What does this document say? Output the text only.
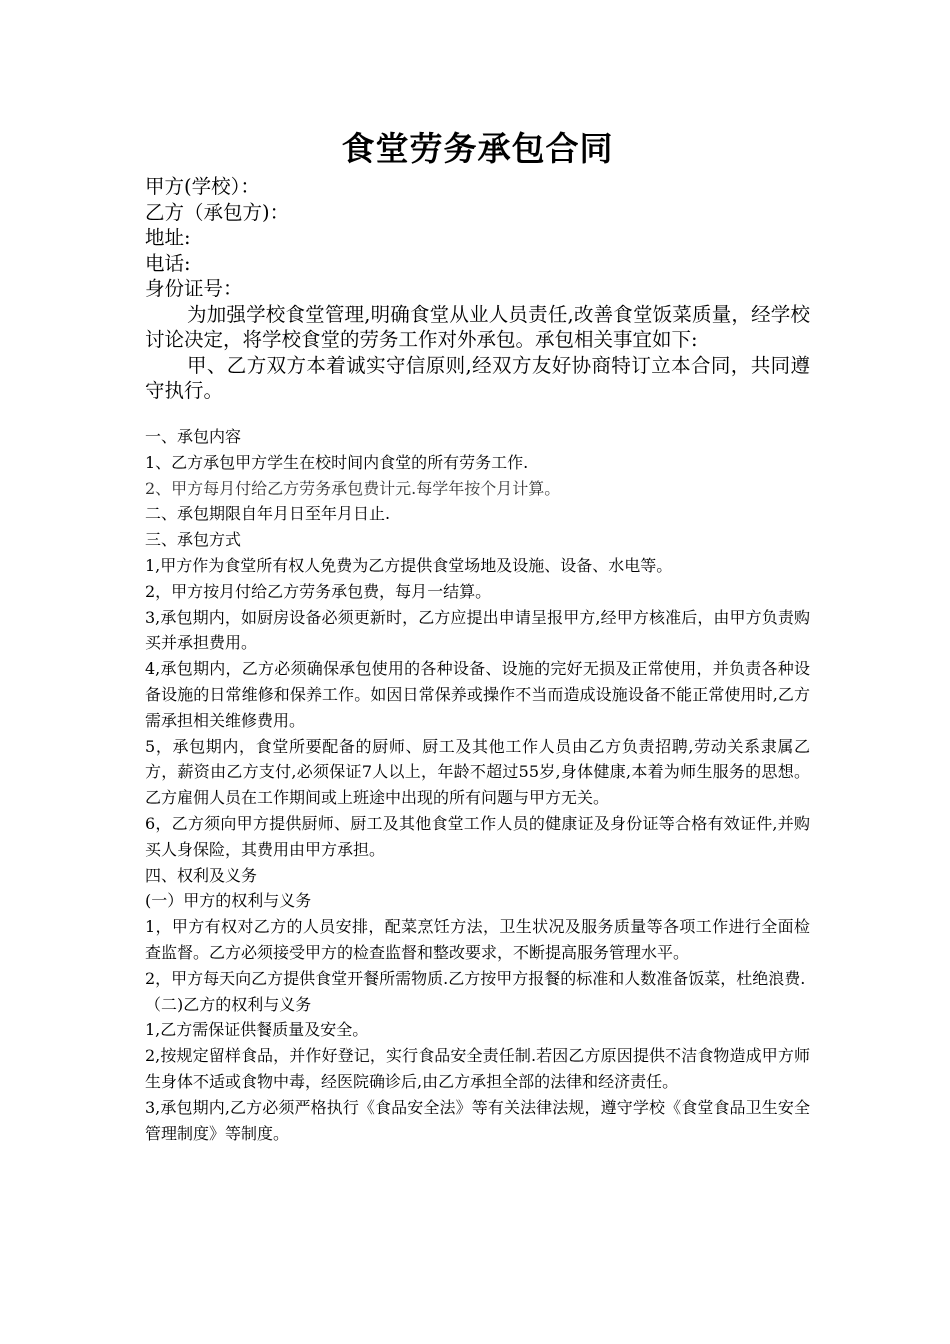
食堂劳务承包合同
甲方(学校）：
乙方（承包方)：
地址:
电话:
身份证号：

为加强学校食堂管理,明确食堂从业人员责任,改善食堂饭菜质量，经学校讨论决定，将学校食堂的劳务工作对外承包。承包相关事宜如下:

甲、乙方双方本着诚实守信原则,经双方友好协商特订立本合同，共同遵守执行。

一、承包内容

1、乙方承包甲方学生在校时间内食堂的所有劳务工作.

2、甲方每月付给乙方劳务承包费计元.每学年按个月计算。

二、承包期限自年月日至年月日止.

三、承包方式

1,甲方作为食堂所有权人免费为乙方提供食堂场地及设施、设备、水电等。

2，甲方按月付给乙方劳务承包费，每月一结算。

3,承包期内，如厨房设备必须更新时，乙方应提出申请呈报甲方,经甲方核准后，由甲方负责购买并承担费用。

4,承包期内，乙方必须确保承包使用的各种设备、设施的完好无损及正常使用，并负责各种设备设施的日常维修和保养工作。如因日常保养或操作不当而造成设施设备不能正常使用时,乙方需承担相关维修费用。

5，承包期内，食堂所要配备的厨师、厨工及其他工作人员由乙方负责招聘,劳动关系隶属乙方，薪资由乙方支付,必须保证7人以上，年龄不超过55岁,身体健康,本着为师生服务的思想。乙方雇佣人员在工作期间或上班途中出现的所有问题与甲方无关。

6，乙方须向甲方提供厨师、厨工及其他食堂工作人员的健康证及身份证等合格有效证件,并购买人身保险，其费用由甲方承担。

四、权利及义务

(一）甲方的权利与义务

1，甲方有权对乙方的人员安排，配菜烹饪方法，卫生状况及服务质量等各项工作进行全面检查监督。乙方必须接受甲方的检查监督和整改要求，不断提高服务管理水平。

2，甲方每天向乙方提供食堂开餐所需物质.乙方按甲方报餐的标准和人数准备饭菜，杜绝浪费.

（二)乙方的权利与义务

1,乙方需保证供餐质量及安全。

2,按规定留样食品，并作好登记，实行食品安全责任制.若因乙方原因提供不洁食物造成甲方师生身体不适或食物中毒，经医院确诊后,由乙方承担全部的法律和经济责任。

3,承包期内,乙方必须严格执行《食品安全法》等有关法律法规，遵守学校《食堂食品卫生安全管理制度》等制度。
